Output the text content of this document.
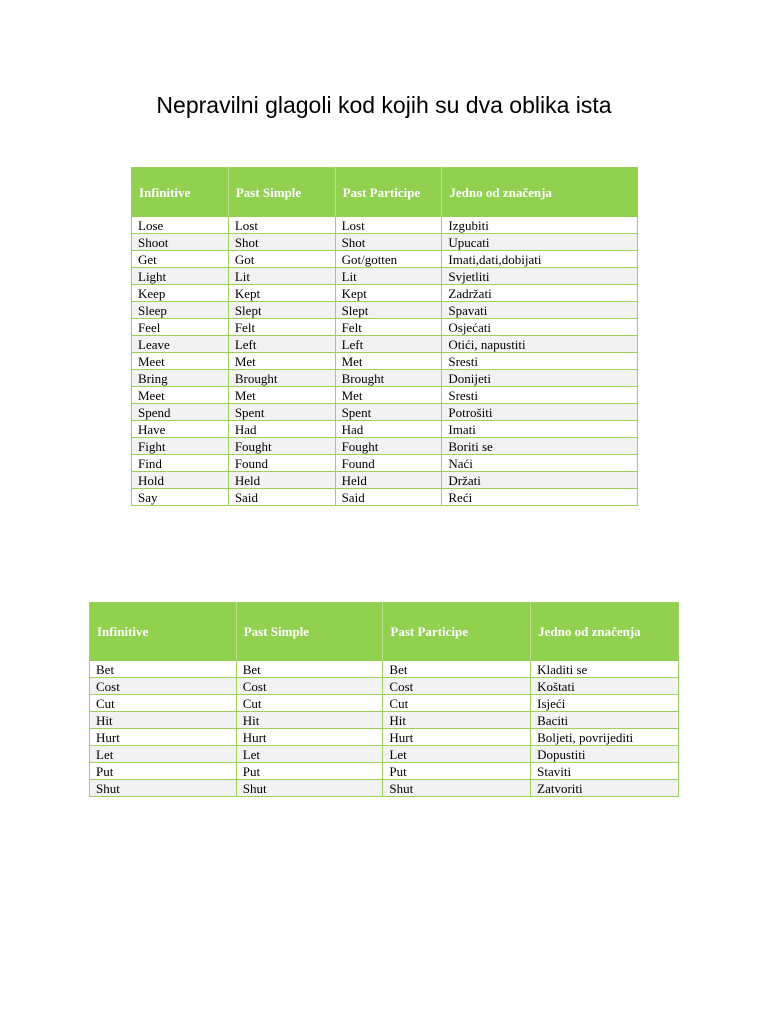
Nepravilni glagoli kod kojih su dva oblika ista
Infinitive	Past Simple	Past Participe	Jedno od značenja
Lose	Lost	Lost	Izgubiti
Shoot	Shot	Shot	Upucati
Get	Got	Got/gotten	Imati,dati,dobijati
Light	Lit	Lit	Svjetliti
Keep	Kept	Kept	Zadržati
Sleep	Slept	Slept	Spavati
Feel	Felt	Felt	Osjećati
Leave	Left	Left	Otići, napustiti
Meet	Met	Met	Sresti
Bring	Brought	Brought	Donijeti
Meet	Met	Met	Sresti
Spend	Spent	Spent	Potrošiti
Have	Had	Had	Imati
Fight	Fought	Fought	Boriti se
Find	Found	Found	Naći
Hold	Held	Held	Držati
Say	Said	Said	Reći
Infinitive	Past Simple	Past Participe	Jedno od značenja
Bet	Bet	Bet	Kladiti se
Cost	Cost	Cost	Koštati
Cut	Cut	Cut	Isjeći
Hit	Hit	Hit	Baciti
Hurt	Hurt	Hurt	Boljeti, povrijediti
Let	Let	Let	Dopustiti
Put	Put	Put	Staviti
Shut	Shut	Shut	Zatvoriti
